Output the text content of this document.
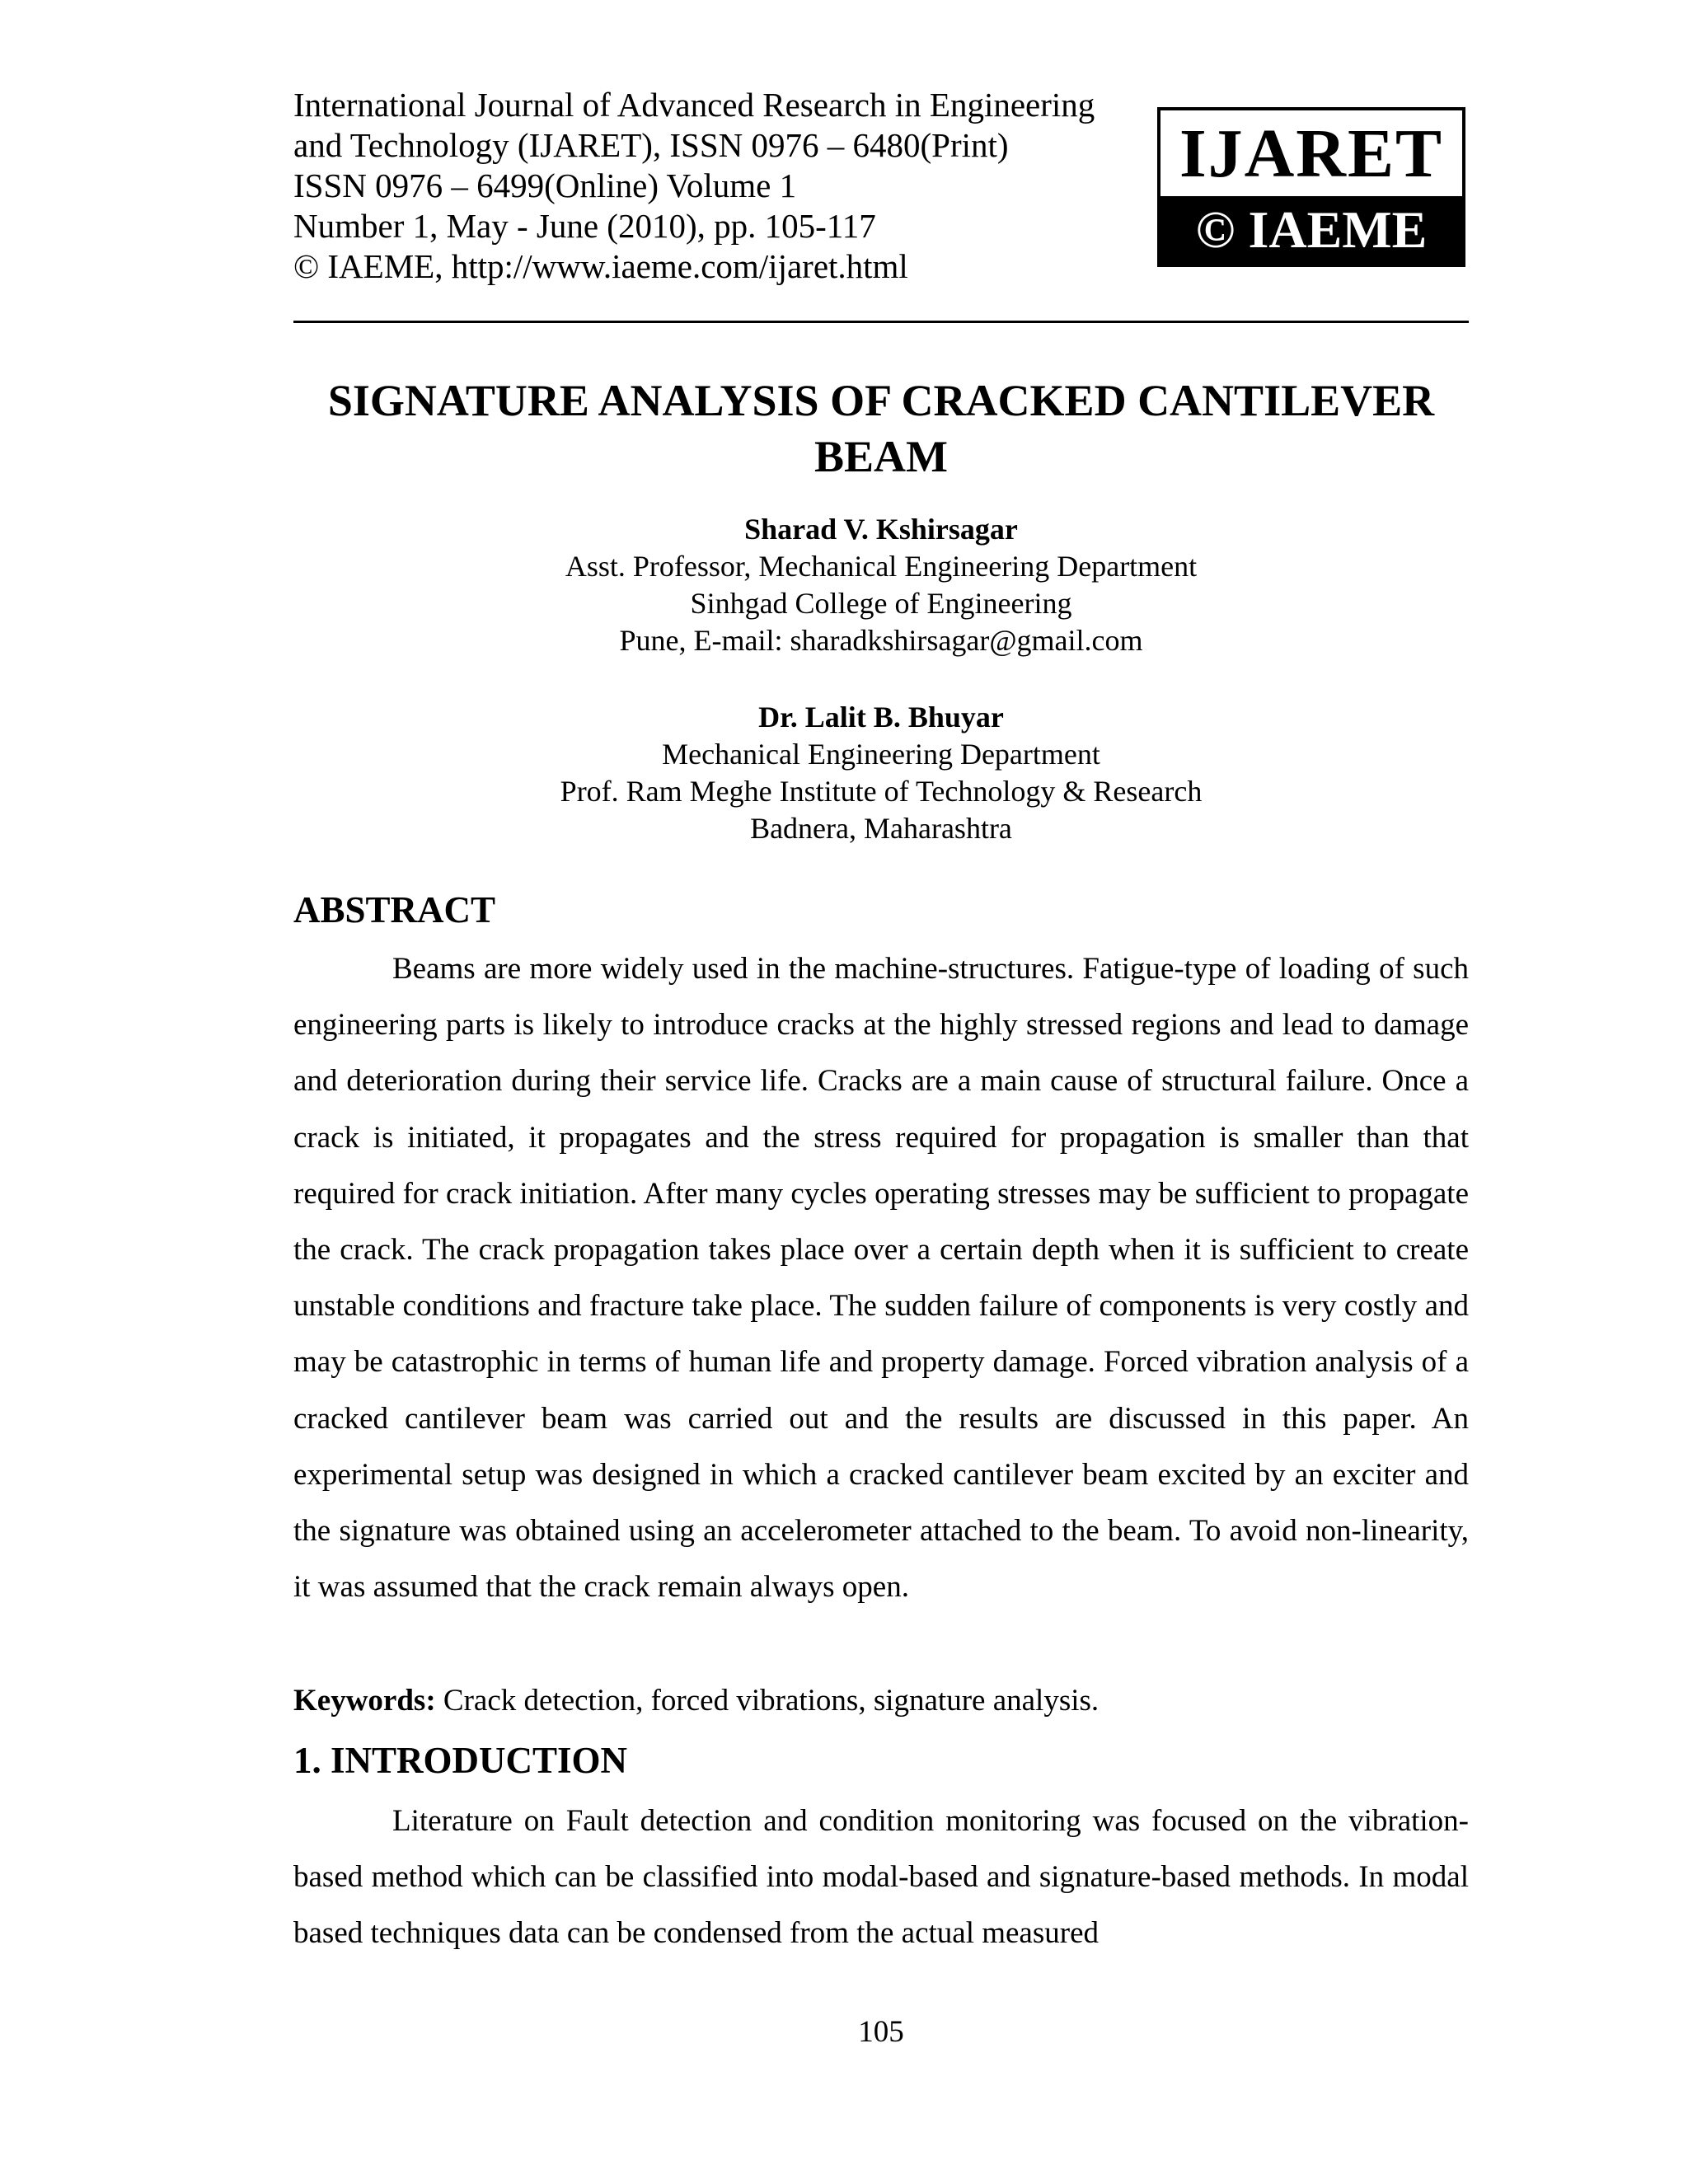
International Journal of Advanced Research in Engineering
and Technology (IJARET), ISSN 0976 – 6480(Print)
ISSN 0976 – 6499(Online) Volume 1
Number 1, May - June (2010), pp. 105-117
© IAEME, http://www.iaeme.com/ijaret.html
IJARET
© IAEME
SIGNATURE ANALYSIS OF CRACKED CANTILEVER
BEAM
Sharad V. Kshirsagar
Asst. Professor, Mechanical Engineering Department
Sinhgad College of Engineering
Pune, E-mail: sharadkshirsagar@gmail.com
Dr. Lalit B. Bhuyar
Mechanical Engineering Department
Prof. Ram Meghe Institute of Technology & Research
Badnera, Maharashtra
ABSTRACT
Beams are more widely used in the machine-structures. Fatigue-type of loading of such engineering parts is likely to introduce cracks at the highly stressed regions and lead to damage and deterioration during their service life. Cracks are a main cause of structural failure. Once a crack is initiated, it propagates and the stress required for propagation is smaller than that required for crack initiation. After many cycles operating stresses may be sufficient to propagate the crack. The crack propagation takes place over a certain depth when it is sufficient to create unstable conditions and fracture take place. The sudden failure of components is very costly and may be catastrophic in terms of human life and property damage. Forced vibration analysis of a cracked cantilever beam was carried out and the results are discussed in this paper. An experimental setup was designed in which a cracked cantilever beam excited by an exciter and the signature was obtained using an accelerometer attached to the beam. To avoid non-linearity, it was assumed that the crack remain always open.
Keywords: Crack detection, forced vibrations, signature analysis.
1. INTRODUCTION
Literature on Fault detection and condition monitoring was focused on the vibration-based method which can be classified into modal-based and signature-based methods. In modal based techniques data can be condensed from the actual measured
105
